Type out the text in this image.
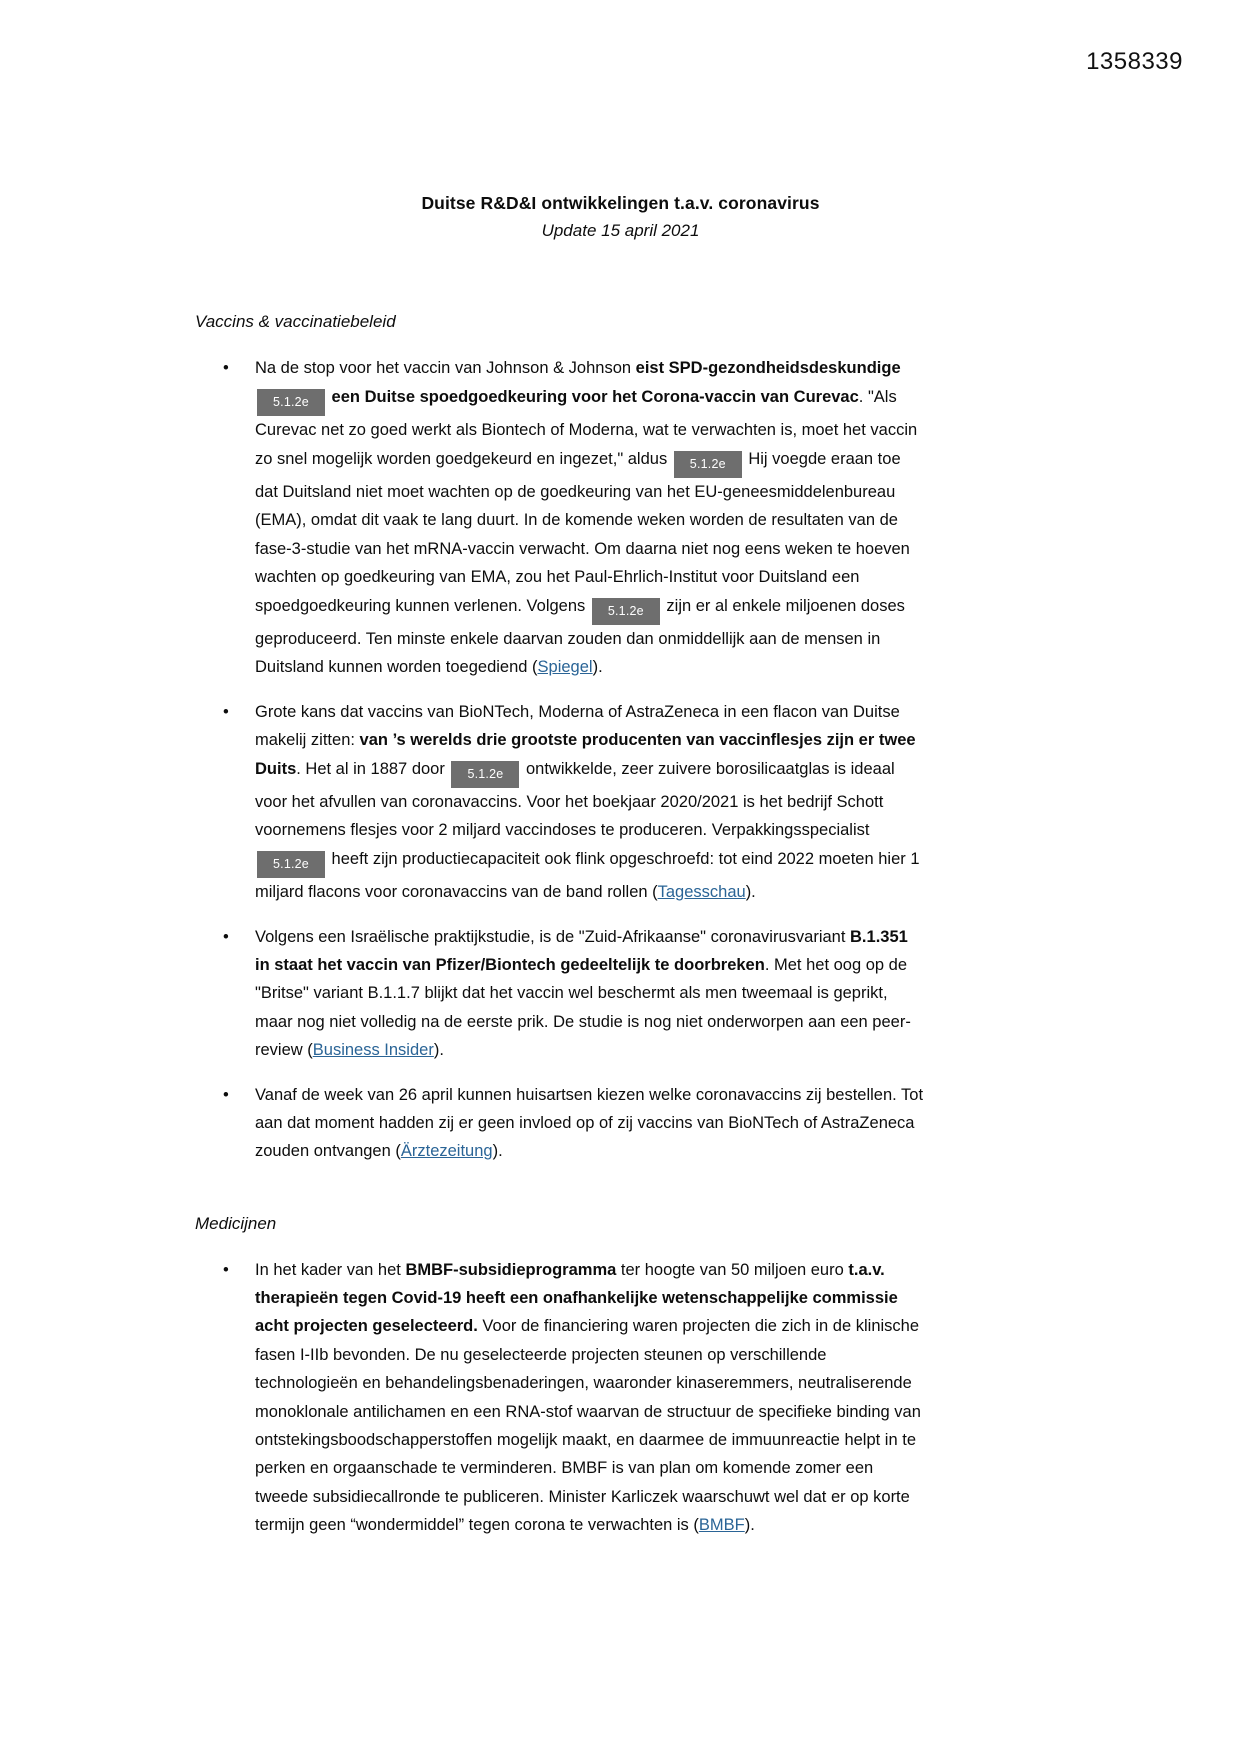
1358339
Duitse R&D&I ontwikkelingen t.a.v. coronavirus
Update 15 april 2021
Vaccins & vaccinatiebeleid
• Na de stop voor het vaccin van Johnson & Johnson eist SPD-gezondheidsdeskundige5.1.2e een Duitse spoedgoedkeuring voor het Corona-vaccin van Curevac. "Als Curevac net zo goed werkt als Biontech of Moderna, wat te verwachten is, moet het vaccin zo snel mogelijk worden goedgekeurd en ingezet," aldus 5.1.2e Hij voegde eraan toe dat Duitsland niet moet wachten op de goedkeuring van het EU-geneesmiddelenbureau (EMA), omdat dit vaak te lang duurt. In de komende weken worden de resultaten van de fase-3-studie van het mRNA-vaccin verwacht. Om daarna niet nog eens weken te hoeven wachten op goedkeuring van EMA, zou het Paul-Ehrlich-Institut voor Duitsland een spoedgoedkeuring kunnen verlenen. Volgens 5.1.2e zijn er al enkele miljoenen doses geproduceerd. Ten minste enkele daarvan zouden dan onmiddellijk aan de mensen in Duitsland kunnen worden toegediend (Spiegel).
• Grote kans dat vaccins van BioNTech, Moderna of AstraZeneca in een flacon van Duitse makelij zitten: van ’s werelds drie grootste producenten van vaccinflesjes zijn er twee Duits. Het al in 1887 door 5.1.2e ontwikkelde, zeer zuivere borosilicaatglas is ideaal voor het afvullen van coronavaccins. Voor het boekjaar 2020/2021 is het bedrijf Schott voornemens flesjes voor 2 miljard vaccindoses te produceren. Verpakkingsspecialist 5.1.2e heeft zijn productiecapaciteit ook flink opgeschroefd: tot eind 2022 moeten hier 1 miljard flacons voor coronavaccins van de band rollen (Tagesschau).
• Volgens een Israëlische praktijkstudie, is de "Zuid-Afrikaanse" coronavirusvariant B.1.351 in staat het vaccin van Pfizer/Biontech gedeeltelijk te doorbreken. Met het oog op de "Britse" variant B.1.1.7 blijkt dat het vaccin wel beschermt als men tweemaal is geprikt, maar nog niet volledig na de eerste prik. De studie is nog niet onderworpen aan een peer-review (Business Insider).
• Vanaf de week van 26 april kunnen huisartsen kiezen welke coronavaccins zij bestellen. Tot aan dat moment hadden zij er geen invloed op of zij vaccins van BioNTech of AstraZeneca zouden ontvangen (Ärztezeitung).
Medicijnen
• In het kader van het BMBF-subsidieprogramma ter hoogte van 50 miljoen euro t.a.v. therapieën tegen Covid-19 heeft een onafhankelijke wetenschappelijke commissie acht projecten geselecteerd. Voor de financiering waren projecten die zich in de klinische fasen I-IIb bevonden. De nu geselecteerde projecten steunen op verschillende technologieën en behandelingsbenaderingen, waaronder kinaseremmers, neutraliserende monoklonale antilichamen en een RNA-stof waarvan de structuur de specifieke binding van ontstekingsboodschapperstoffen mogelijk maakt, en daarmee de immuunreactie helpt in te perken en orgaanschade te verminderen. BMBF is van plan om komende zomer een tweede subsidiecallronde te publiceren. Minister Karliczek waarschuwt wel dat er op korte termijn geen “wondermiddel” tegen corona te verwachten is (BMBF).
